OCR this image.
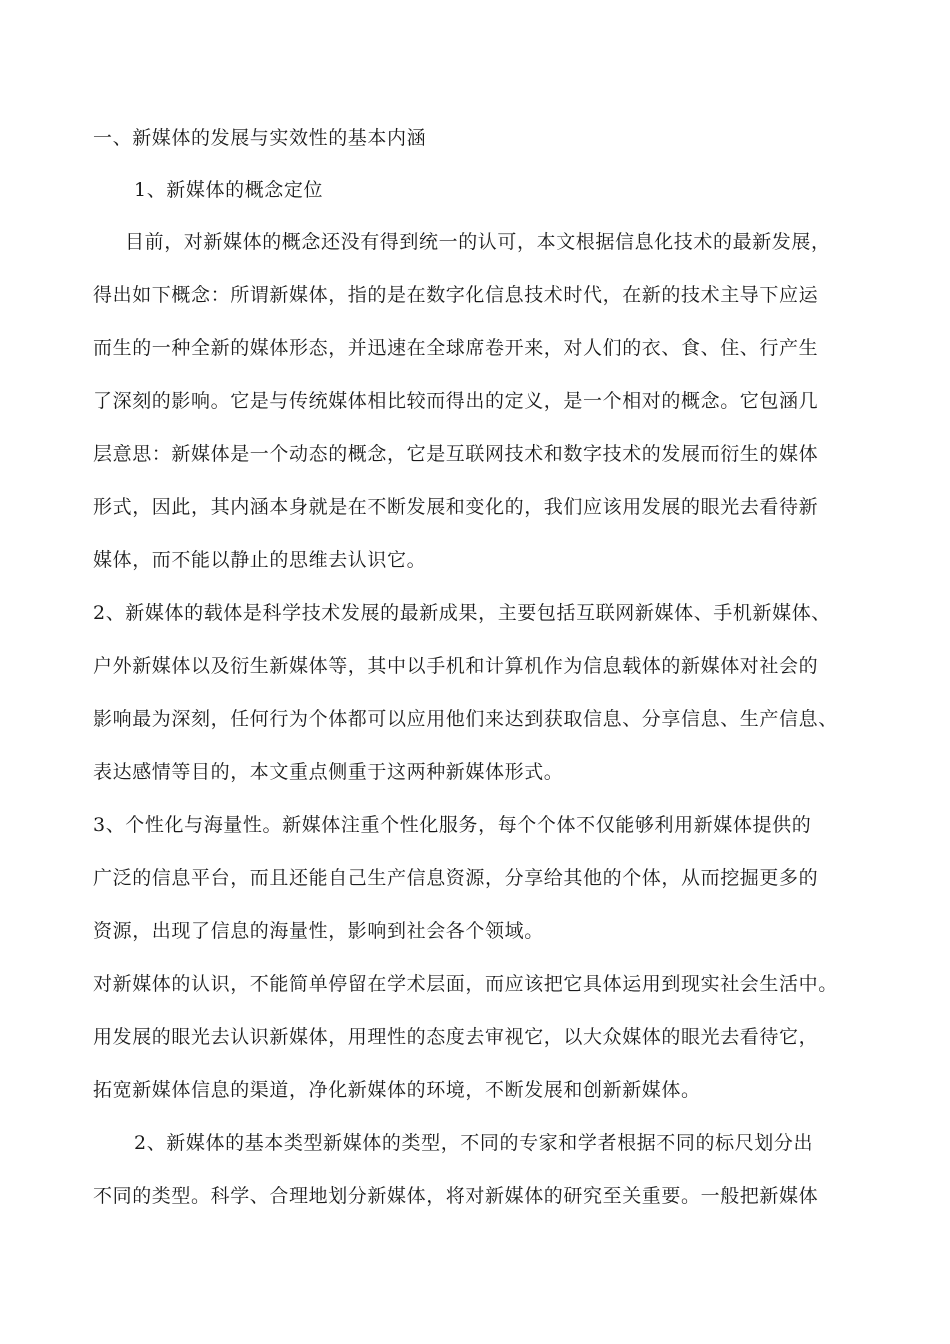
一、新媒体的发展与实效性的基本内涵
1、新媒体的概念定位
目前，对新媒体的概念还没有得到统一的认可，本文根据信息化技术的最新发展，
得出如下概念：所谓新媒体，指的是在数字化信息技术时代，在新的技术主导下应运
而生的一种全新的媒体形态，并迅速在全球席卷开来，对人们的衣、食、住、行产生
了深刻的影响。它是与传统媒体相比较而得出的定义，是一个相对的概念。它包涵几
层意思：新媒体是一个动态的概念，它是互联网技术和数字技术的发展而衍生的媒体
形式，因此，其内涵本身就是在不断发展和变化的，我们应该用发展的眼光去看待新
媒体，而不能以静止的思维去认识它。
2、新媒体的载体是科学技术发展的最新成果，主要包括互联网新媒体、手机新媒体、
户外新媒体以及衍生新媒体等，其中以手机和计算机作为信息载体的新媒体对社会的
影响最为深刻，任何行为个体都可以应用他们来达到获取信息、分享信息、生产信息、
表达感情等目的，本文重点侧重于这两种新媒体形式。
3、个性化与海量性。新媒体注重个性化服务，每个个体不仅能够利用新媒体提供的
广泛的信息平台，而且还能自己生产信息资源，分享给其他的个体，从而挖掘更多的
资源，出现了信息的海量性，影响到社会各个领域。
对新媒体的认识，不能简单停留在学术层面，而应该把它具体运用到现实社会生活中。
用发展的眼光去认识新媒体，用理性的态度去审视它，以大众媒体的眼光去看待它，
拓宽新媒体信息的渠道，净化新媒体的环境，不断发展和创新新媒体。
2、新媒体的基本类型新媒体的类型，不同的专家和学者根据不同的标尺划分出
不同的类型。科学、合理地划分新媒体，将对新媒体的研究至关重要。一般把新媒体
